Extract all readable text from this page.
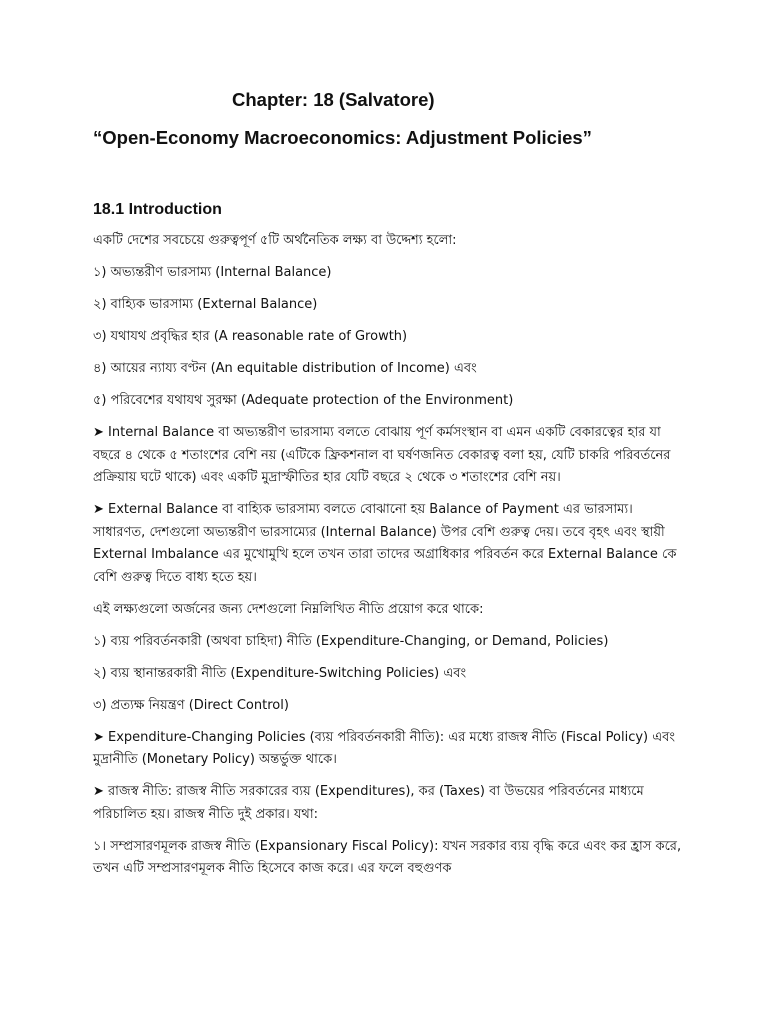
Chapter: 18 (Salvatore)
“Open-Economy Macroeconomics: Adjustment Policies”
18.1 Introduction

একটি দেশের সবচেয়ে গুরুত্বপূর্ণ ৫টি অর্থনৈতিক লক্ষ্য বা উদ্দেশ্য হলো:

১) অভ্যন্তরীণ ভারসাম্য (Internal Balance)

২) বাহ্যিক ভারসাম্য (External Balance)

৩) যথাযথ প্রবৃদ্ধির হার (A reasonable rate of Growth)

৪) আয়ের ন্যায্য বণ্টন (An equitable distribution of Income) এবং

৫) পরিবেশের যথাযথ সুরক্ষা (Adequate protection of the Environment)

➤ Internal Balance বা অভ্যন্তরীণ ভারসাম্য বলতে বোঝায় পূর্ণ কর্মসংস্থান বা এমন একটি বেকারত্বের হার যা বছরে ৪ থেকে ৫ শতাংশের বেশি নয় (এটিকে ফ্রিকশনাল বা ঘর্ষণজনিত বেকারত্ব বলা হয়, যেটি চাকরি পরিবর্তনের প্রক্রিয়ায় ঘটে থাকে) এবং একটি মুদ্রাস্ফীতির হার যেটি বছরে ২ থেকে ৩ শতাংশের বেশি নয়।

➤ External Balance বা বাহ্যিক ভারসাম্য বলতে বোঝানো হয় Balance of Payment এর ভারসাম্য। সাধারণত, দেশগুলো অভ্যন্তরীণ ভারসাম্যের (Internal Balance) উপর বেশি গুরুত্ব দেয়। তবে বৃহৎ এবং স্থায়ী External Imbalance এর মুখোমুখি হলে তখন তারা তাদের অগ্রাধিকার পরিবর্তন করে External Balance কে বেশি গুরুত্ব দিতে বাধ্য হতে হয়।

এই লক্ষ্যগুলো অর্জনের জন্য দেশগুলো নিম্নলিখিত নীতি প্রয়োগ করে থাকে:

১) ব্যয় পরিবর্তনকারী (অথবা চাহিদা) নীতি (Expenditure-Changing, or Demand, Policies)

২) ব্যয় স্থানান্তরকারী নীতি (Expenditure-Switching Policies) এবং

৩) প্রত্যক্ষ নিয়ন্ত্রণ (Direct Control)

➤ Expenditure-Changing Policies (ব্যয় পরিবর্তনকারী নীতি): এর মধ্যে রাজস্ব নীতি (Fiscal Policy) এবং মুদ্রানীতি (Monetary Policy) অন্তর্ভুক্ত থাকে।

➤ রাজস্ব নীতি: রাজস্ব নীতি সরকারের ব্যয় (Expenditures), কর (Taxes) বা উভয়ের পরিবর্তনের মাধ্যমে পরিচালিত হয়। রাজস্ব নীতি দুই প্রকার। যথা:

১। সম্প্রসারণমূলক রাজস্ব নীতি (Expansionary Fiscal Policy): যখন সরকার ব্যয় বৃদ্ধি করে এবং কর হ্রাস করে, তখন এটি সম্প্রসারণমূলক নীতি হিসেবে কাজ করে। এর ফলে বহুগুণক
